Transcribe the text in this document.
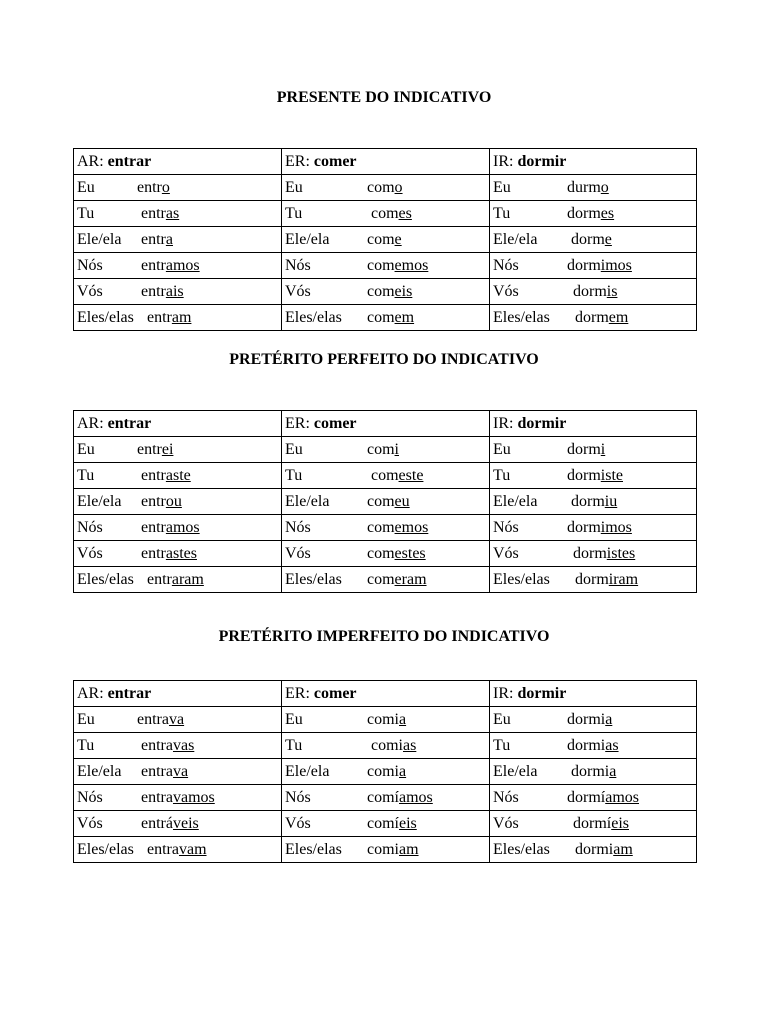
PRESENTE DO INDICATIVO
AR: entrar	ER: comer	IR: dormir
Eu entro	Eu como	Eu durmo
Tu entras	Tu comes	Tu dormes
Ele/ela entra	Ele/ela come	Ele/ela dorme
Nós entramos	Nós comemos	Nós dormimos
Vós entrais	Vós comeis	Vós dormis
Eles/elas entram	Eles/elas comem	Eles/elas dormem
PRETÉRITO PERFEITO DO INDICATIVO
AR: entrar	ER: comer	IR: dormir
Eu entrei	Eu comi	Eu dormi
Tu entraste	Tu comeste	Tu dormiste
Ele/ela entrou	Ele/ela comeu	Ele/ela dormiu
Nós entramos	Nós comemos	Nós dormimos
Vós entrastes	Vós comestes	Vós dormistes
Eles/elas entraram	Eles/elas comeram	Eles/elas dormiram
PRETÉRITO IMPERFEITO DO INDICATIVO
AR: entrar	ER: comer	IR: dormir
Eu entrava	Eu comia	Eu dormia
Tu entravas	Tu comias	Tu dormias
Ele/ela entrava	Ele/ela comia	Ele/ela dormia
Nós entravamos	Nós comíamos	Nós dormíamos
Vós entráveis	Vós comíeis	Vós dormíeis
Eles/elas entravam	Eles/elas comiam	Eles/elas dormiam
